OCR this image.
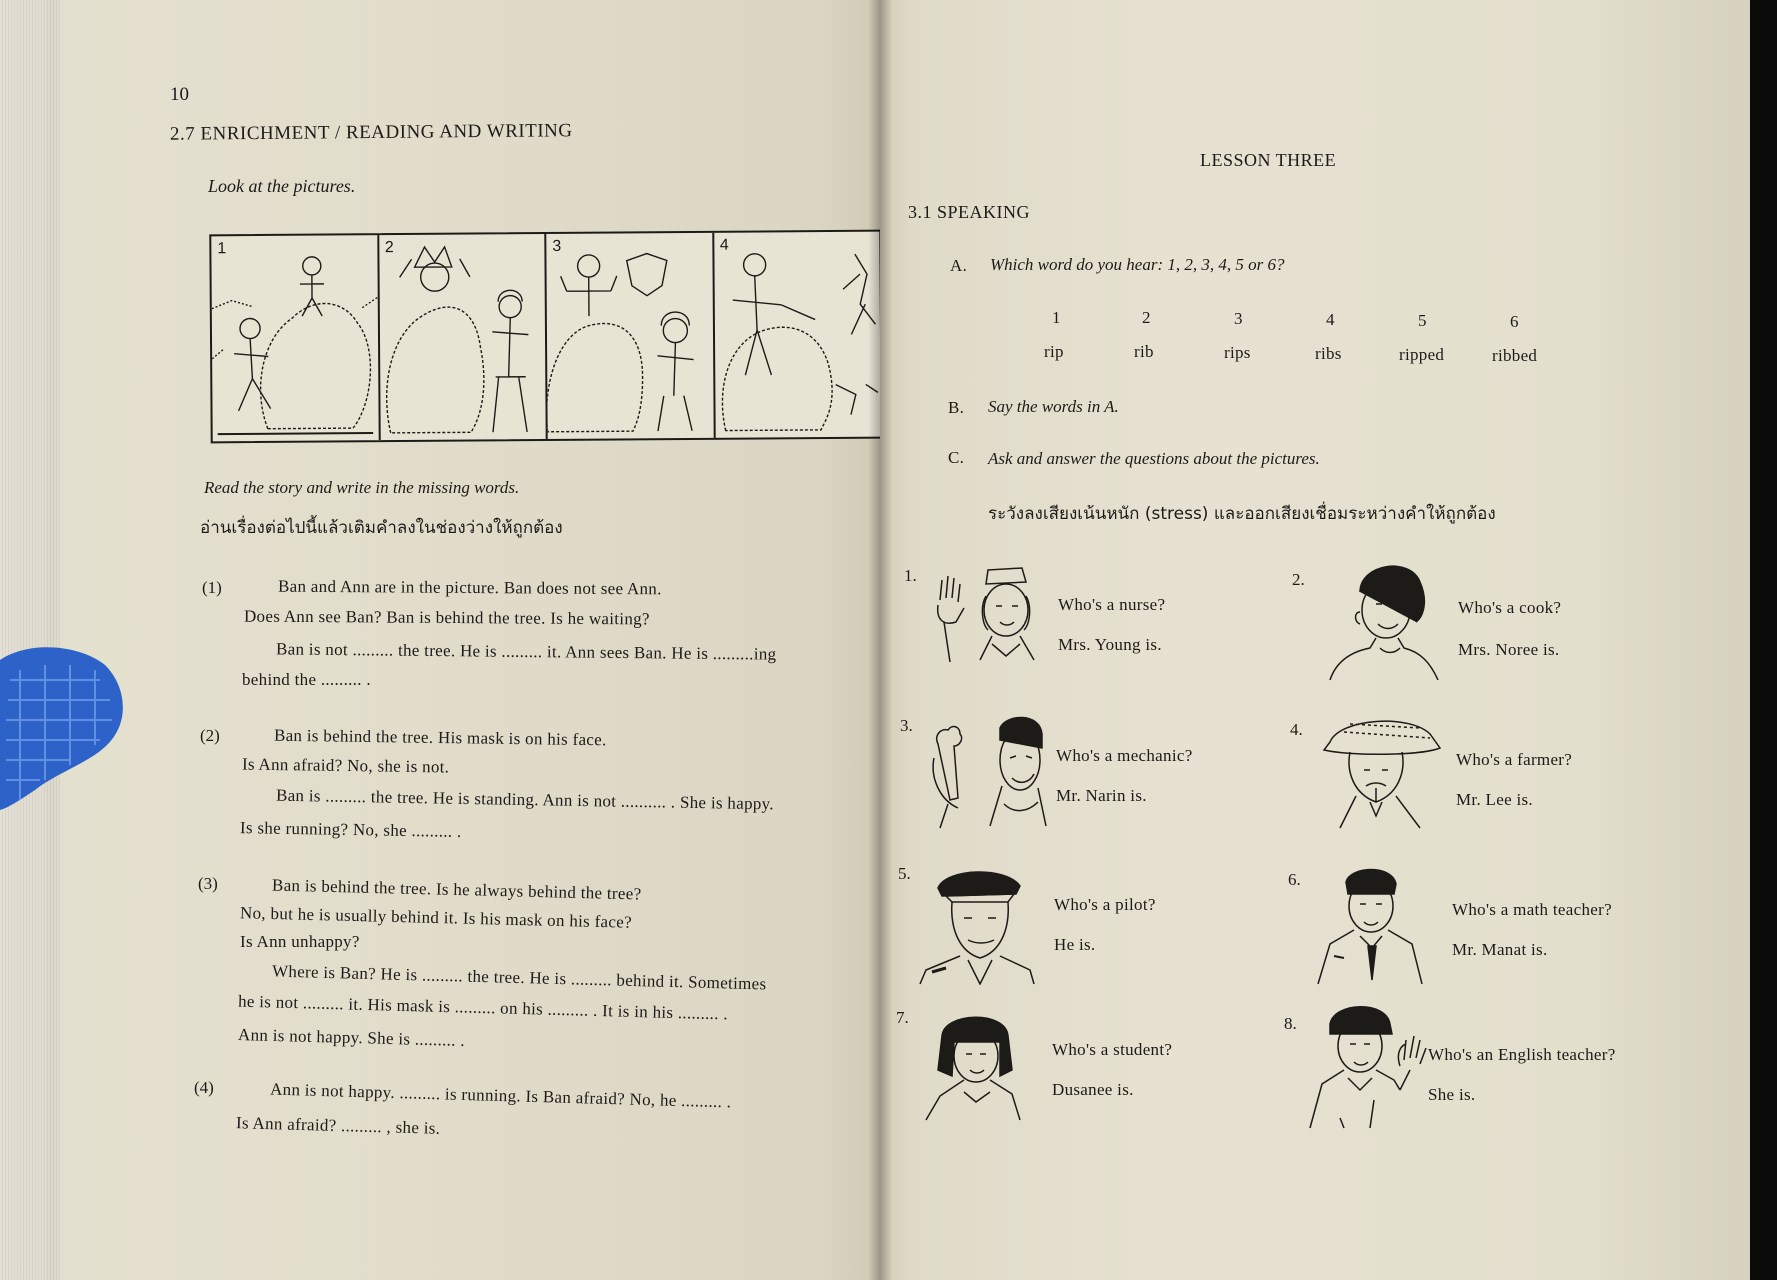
10
2.7 ENRICHMENT / READING AND WRITING
Look at the pictures.
1	2	3	4
Read the story and write in the missing words.
อ่านเรื่องต่อไปนี้แล้วเติมคำลงในช่องว่างให้ถูกต้อง
(1)	Ban and Ann are in the picture. Ban does not see Ann.
Does Ann see Ban? Ban is behind the tree. Is he waiting?
Ban is not ......... the tree. He is ......... it. Ann sees Ban. He is .........ing
behind the ......... .
(2)	Ban is behind the tree. His mask is on his face.
Is Ann afraid? No, she is not.
Ban is ......... the tree. He is standing. Ann is not .......... . She is happy.
Is she running? No, she ......... .
(3)	Ban is behind the tree. Is he always behind the tree?
No, but he is usually behind it. Is his mask on his face?
Is Ann unhappy?
Where is Ban? He is ......... the tree. He is ......... behind it. Sometimes
he is not ......... it. His mask is ......... on his ......... . It is in his ......... .
Ann is not happy. She is ......... .
(4)	Ann is not happy. ......... is running. Is Ban afraid? No, he ......... .
Is Ann afraid? ......... , she is.
LESSON THREE
3.1 SPEAKING
A. Which word do you hear: 1, 2, 3, 4, 5 or 6?
1	2	3	4	5	6
rip	rib	rips	ribs	ripped	ribbed
B. Say the words in A.
C. Ask and answer the questions about the pictures.
ระวังลงเสียงเน้นหนัก (stress) และออกเสียงเชื่อมระหว่างคำให้ถูกต้อง
1.
Who's a nurse?
Mrs. Young is.
2.
Who's a cook?
Mrs. Noree is.
3.
Who's a mechanic?
Mr. Narin is.
4.
Who's a farmer?
Mr. Lee is.
5.
Who's a pilot?
He is.
6.
Who's a math teacher?
Mr. Manat is.
7.
Who's a student?
Dusanee is.
8.
Who's an English teacher?
She is.
